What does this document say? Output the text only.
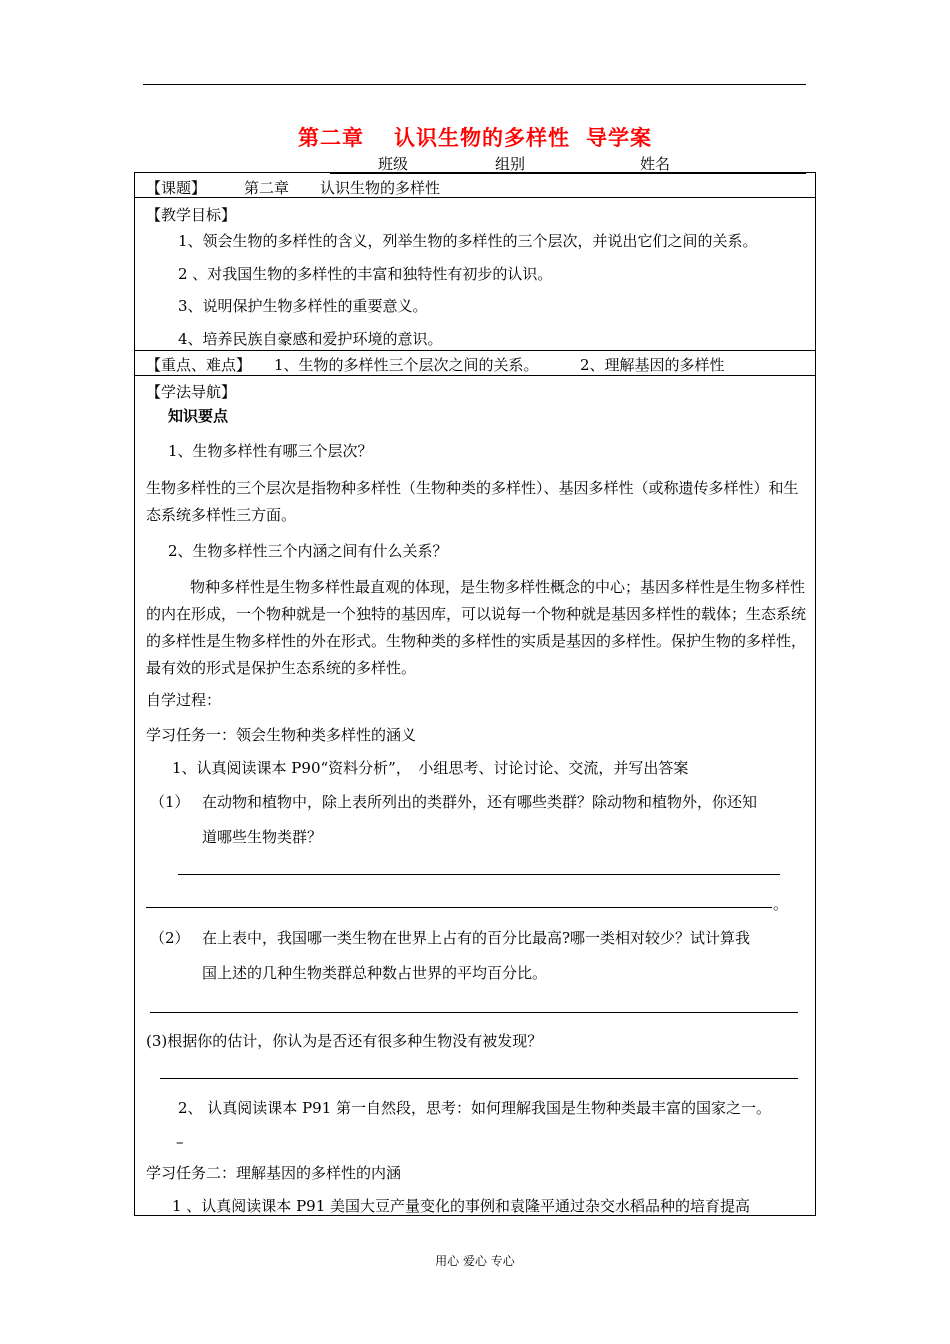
第二章 认识生物的多样性 导学案
班级	组别	姓名
【课题】	第二章 认识生物的多样性
【教学目标】
1、领会生物的多样性的含义，列举生物的多样性的三个层次，并说出它们之间的关系。
2 、对我国生物的多样性的丰富和独特性有初步的认识。
3、说明保护生物多样性的重要意义。
4、培养民族自豪感和爱护环境的意识。
【重点、难点】 1、生物的多样性三个层次之间的关系。	2、理解基因的多样性
【学法导航】
知识要点
1、生物多样性有哪三个层次？
生物多样性的三个层次是指物种多样性（生物种类的多样性）、基因多样性（或称遗传多样性）和生态系统多样性三方面。
2、生物多样性三个内涵之间有什么关系？
物种多样性是生物多样性最直观的体现，是生物多样性概念的中心；基因多样性是生物多样性的内在形成，一个物种就是一个独特的基因库，可以说每一个物种就是基因多样性的载体；生态系统的多样性是生物多样性的外在形式。生物种类的多样性的实质是基因的多样性。保护生物的多样性，最有效的形式是保护生态系统的多样性。
自学过程：
学习任务一：领会生物种类多样性的涵义
1、认真阅读课本 P90“资料分析”，　小组思考、讨论讨论、交流，并写出答案
（1） 在动物和植物中，除上表所列出的类群外，还有哪些类群？除动物和植物外，你还知
道哪些生物类群？
。
（2） 在上表中，我国哪一类生物在世界上占有的百分比最高?哪一类相对较少？试计算我
国上述的几种生物类群总种数占世界的平均百分比。
(3)根据你的估计，你认为是否还有很多种生物没有被发现？
2、 认真阅读课本 P91 第一自然段，思考：如何理解我国是生物种类最丰富的国家之一。
–
学习任务二：理解基因的多样性的内涵
1 、认真阅读课本 P91 美国大豆产量变化的事例和袁隆平通过杂交水稻品种的培育提高
用心 爱心 专心
